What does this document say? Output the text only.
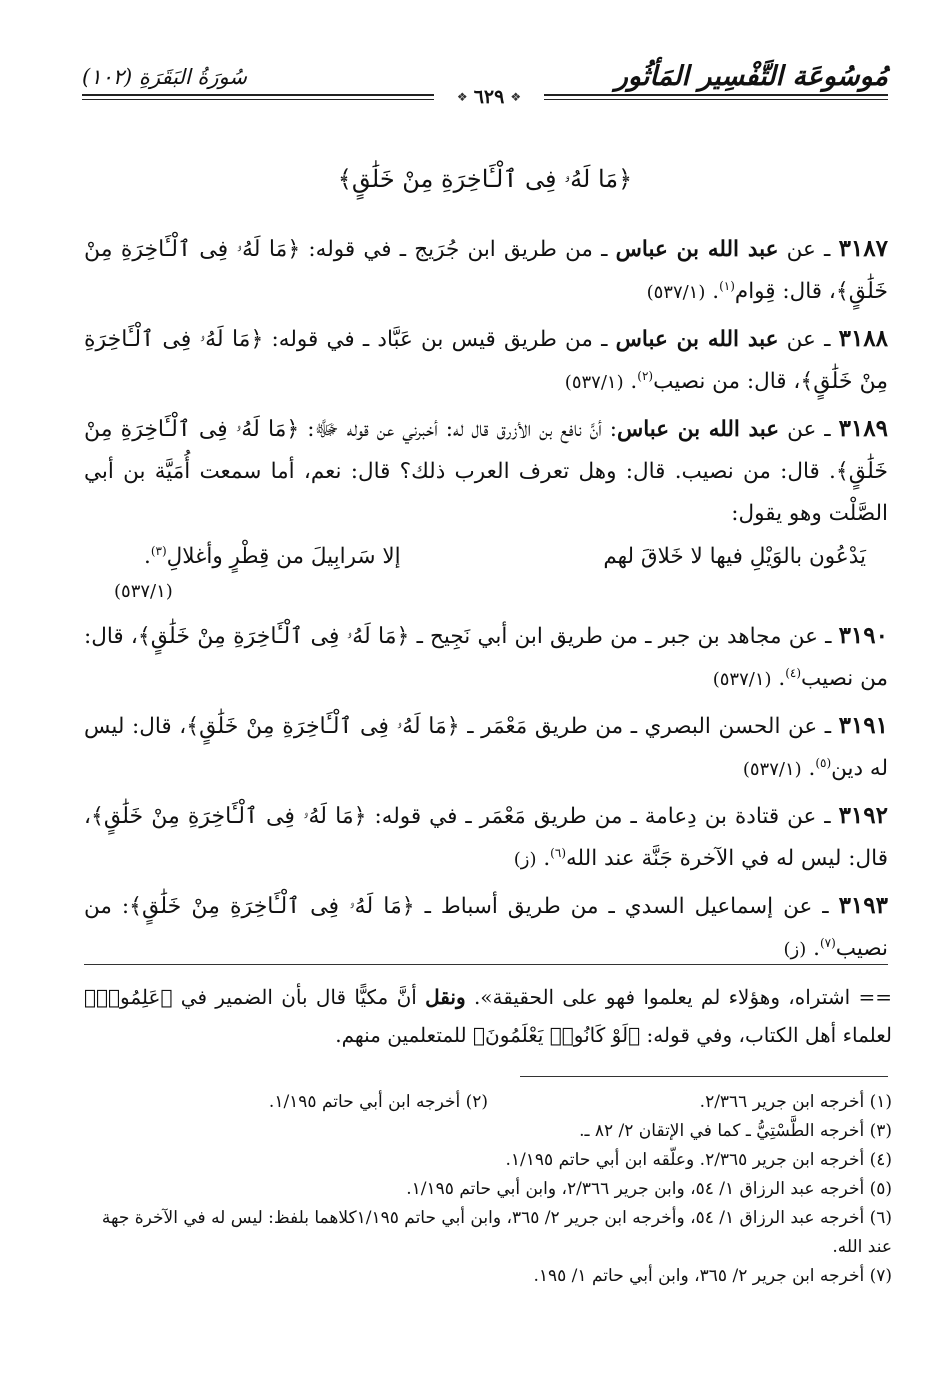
مُوسُوعَة التَّفْسِير المَأثُور
سُورَةُ البَقَرَةِ (١٠٢)
❖
٦٢٩
❖
﴿مَا لَهُۥ فِى ٱلْـَٔاخِرَةِ مِنْ خَلَٰقٍ﴾

٣١٨٧ ـ عن عبد الله بن عباس ـ من طريق ابن جُرَيج ـ في قوله: ﴿مَا لَهُۥ فِى ٱلْـَٔاخِرَةِ مِنْ خَلَٰقٍ﴾، قال: قِوام$^{(١)}$. (٥٣٧/١)

٣١٨٨ ـ عن عبد الله بن عباس ـ من طريق قيس بن عَبَّاد ـ في قوله: ﴿مَا لَهُۥ فِى ٱلْـَٔاخِرَةِ مِنْ خَلَٰقٍ﴾، قال: من نصيب$^{(٢)}$. (٥٣٧/١)

٣١٨٩ ـ عن عبد الله بن عباس: أنَّ نافع بن الأزرق قال له: أخبرني عن قوله ﷻ: ﴿مَا لَهُۥ فِى ٱلْـَٔاخِرَةِ مِنْ خَلَٰقٍ﴾. قال: من نصيب. قال: وهل تعرف العرب ذلك؟ قال: نعم، أما سمعت أُمَيَّة بن أبي الصَّلْت وهو يقول:

يَدْعُون بالوَيْلِ فيها لا خَلاقَ لهم
إلا سَرابِيلَ من قِطْرٍ وأغلالِ$^{(٣)}$.
(٥٣٧/١)

٣١٩٠ ـ عن مجاهد بن جبر ـ من طريق ابن أبي نَجِيح ـ ﴿مَا لَهُۥ فِى ٱلْـَٔاخِرَةِ مِنْ خَلَٰقٍ﴾، قال: من نصيب$^{(٤)}$. (٥٣٧/١)

٣١٩١ ـ عن الحسن البصري ـ من طريق مَعْمَر ـ ﴿مَا لَهُۥ فِى ٱلْـَٔاخِرَةِ مِنْ خَلَٰقٍ﴾، قال: ليس له دين$^{(٥)}$. (٥٣٧/١)

٣١٩٢ ـ عن قتادة بن دِعامة ـ من طريق مَعْمَر ـ في قوله: ﴿مَا لَهُۥ فِى ٱلْـَٔاخِرَةِ مِنْ خَلَٰقٍ﴾، قال: ليس له في الآخرة جَنَّة عند الله$^{(٦)}$. (ز)

٣١٩٣ ـ عن إسماعيل السدي ـ من طريق أسباط ـ ﴿مَا لَهُۥ فِى ٱلْـَٔاخِرَةِ مِنْ خَلَٰقٍ﴾: من نصيب$^{(٧)}$. (ز)

== اشتراه، وهؤلاء لم يعلموا فهو على الحقيقة». ونقل أنَّ مكيًّا قال بأن الضمير في ﴿عَلِمُوا۟﴾ لعلماء أهل الكتاب، وفي قوله: ﴿لَوْ كَانُوا۟ يَعْلَمُونَ﴾ للمتعلمين منهم.
(١) أخرجه ابن جرير ٢/٣٦٦.
(٢) أخرجه ابن أبي حاتم ١/١٩٥.
(٣) أخرجه الطَّسْتِيُّ ـ كما في الإتقان ٢/ ٨٢ ـ.
(٤) أخرجه ابن جرير ٢/٣٦٥. وعلّقه ابن أبي حاتم ١/١٩٥.
(٥) أخرجه عبد الرزاق ١/ ٥٤، وابن جرير ٢/٣٦٦، وابن أبي حاتم ١/١٩٥.
(٦) أخرجه عبد الرزاق ١/ ٥٤، وأخرجه ابن جرير ٢/ ٣٦٥، وابن أبي حاتم ١/١٩٥كلاهما بلفظ: ليس له في الآخرة جهة عند الله.
(٧) أخرجه ابن جرير ٢/ ٣٦٥، وابن أبي حاتم ١/ ١٩٥.
